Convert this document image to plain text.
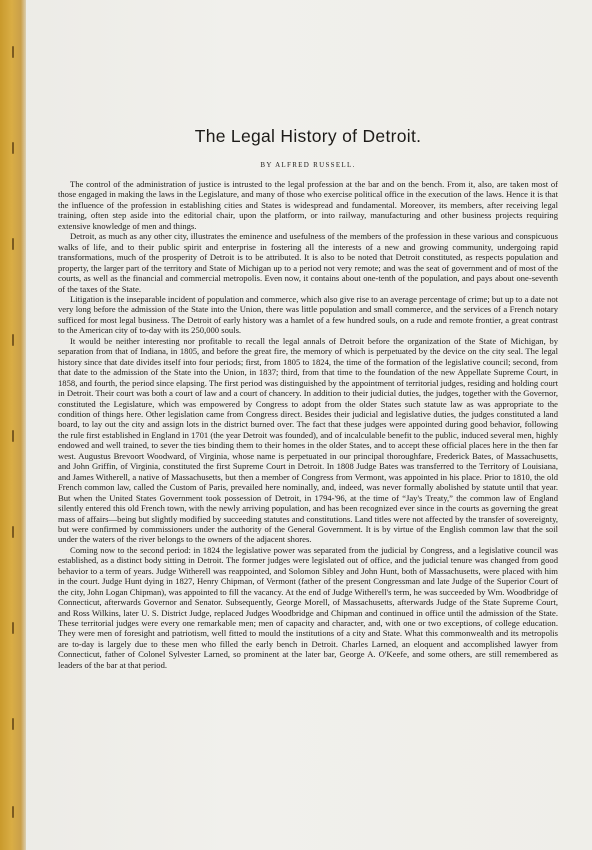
The Legal History of Detroit.
BY ALFRED RUSSELL.

The control of the administration of justice is intrusted to the legal profession at the bar and on the bench. From it, also, are taken most of those engaged in making the laws in the Legislature, and many of those who exercise political office in the execution of the laws. Hence it is that the influence of the profession in establishing cities and States is widespread and fundamental. Moreover, its members, after receiving legal training, often step aside into the editorial chair, upon the platform, or into railway, manufacturing and other business projects requiring extensive knowledge of men and things.

Detroit, as much as any other city, illustrates the eminence and usefulness of the members of the profession in these various and conspicuous walks of life, and to their public spirit and enterprise in fostering all the interests of a new and growing community, undergoing rapid transformations, much of the prosperity of Detroit is to be attributed. It is also to be noted that Detroit constituted, as respects population and property, the larger part of the territory and State of Michigan up to a period not very remote; and was the seat of government and of most of the courts, as well as the financial and commercial metropolis. Even now, it contains about one-tenth of the population, and pays about one-seventh of the taxes of the State.

Litigation is the inseparable incident of population and commerce, which also give rise to an average percentage of crime; but up to a date not very long before the admission of the State into the Union, there was little population and small commerce, and the services of a French notary sufficed for most legal business. The Detroit of early history was a hamlet of a few hundred souls, on a rude and remote frontier, a great contrast to the American city of to-day with its 250,000 souls.

It would be neither interesting nor profitable to recall the legal annals of Detroit before the organization of the State of Michigan, by separation from that of Indiana, in 1805, and before the great fire, the memory of which is perpetuated by the device on the city seal. The legal history since that date divides itself into four periods; first, from 1805 to 1824, the time of the formation of the legislative council; second, from that date to the admission of the State into the Union, in 1837; third, from that time to the foundation of the new Appellate Supreme Court, in 1858, and fourth, the period since elapsing. The first period was distinguished by the appointment of territorial judges, residing and holding court in Detroit. Their court was both a court of law and a court of chancery. In addition to their judicial duties, the judges, together with the Governor, constituted the Legislature, which was empowered by Congress to adopt from the older States such statute law as was appropriate to the condition of things here. Other legislation came from Congress direct. Besides their judicial and legislative duties, the judges constituted a land board, to lay out the city and assign lots in the district burned over. The fact that these judges were appointed during good behavior, following the rule first established in England in 1701 (the year Detroit was founded), and of incalculable benefit to the public, induced several men, highly endowed and well trained, to sever the ties binding them to their homes in the older States, and to accept these official places here in the then far west. Augustus Brevoort Woodward, of Virginia, whose name is perpetuated in our principal thoroughfare, Frederick Bates, of Massachusetts, and John Griffin, of Virginia, constituted the first Supreme Court in Detroit. In 1808 Judge Bates was transferred to the Territory of Louisiana, and James Witherell, a native of Massachusetts, but then a member of Congress from Vermont, was appointed in his place. Prior to 1810, the old French common law, called the Custom of Paris, prevailed here nominally, and, indeed, was never formally abolished by statute until that year. But when the United States Government took possession of Detroit, in 1794-'96, at the time of “Jay's Treaty,” the common law of England silently entered this old French town, with the newly arriving population, and has been recognized ever since in the courts as governing the great mass of affairs—being but slightly modified by succeeding statutes and constitutions. Land titles were not affected by the transfer of sovereignty, but were confirmed by commissioners under the authority of the General Government. It is by virtue of the English common law that the soil under the waters of the river belongs to the owners of the adjacent shores.

Coming now to the second period: in 1824 the legislative power was separated from the judicial by Congress, and a legislative council was established, as a distinct body sitting in Detroit. The former judges were legislated out of office, and the judicial tenure was changed from good behavior to a term of years. Judge Witherell was reappointed, and Solomon Sibley and John Hunt, both of Massachusetts, were placed with him in the court. Judge Hunt dying in 1827, Henry Chipman, of Vermont (father of the present Congressman and late Judge of the Superior Court of the city, John Logan Chipman), was appointed to fill the vacancy. At the end of Judge Witherell's term, he was succeeded by Wm. Woodbridge of Connecticut, afterwards Governor and Senator. Subsequently, George Morell, of Massachusetts, afterwards Judge of the State Supreme Court, and Ross Wilkins, later U. S. District Judge, replaced Judges Woodbridge and Chipman and continued in office until the admission of the State. These territorial judges were every one remarkable men; men of capacity and character, and, with one or two exceptions, of college education. They were men of foresight and patriotism, well fitted to mould the institutions of a city and State. What this commonwealth and its metropolis are to-day is largely due to these men who filled the early bench in Detroit. Charles Larned, an eloquent and accomplished lawyer from Connecticut, father of Colonel Sylvester Larned, so prominent at the later bar, George A. O'Keefe, and some others, are still remembered as leaders of the bar at that period.
